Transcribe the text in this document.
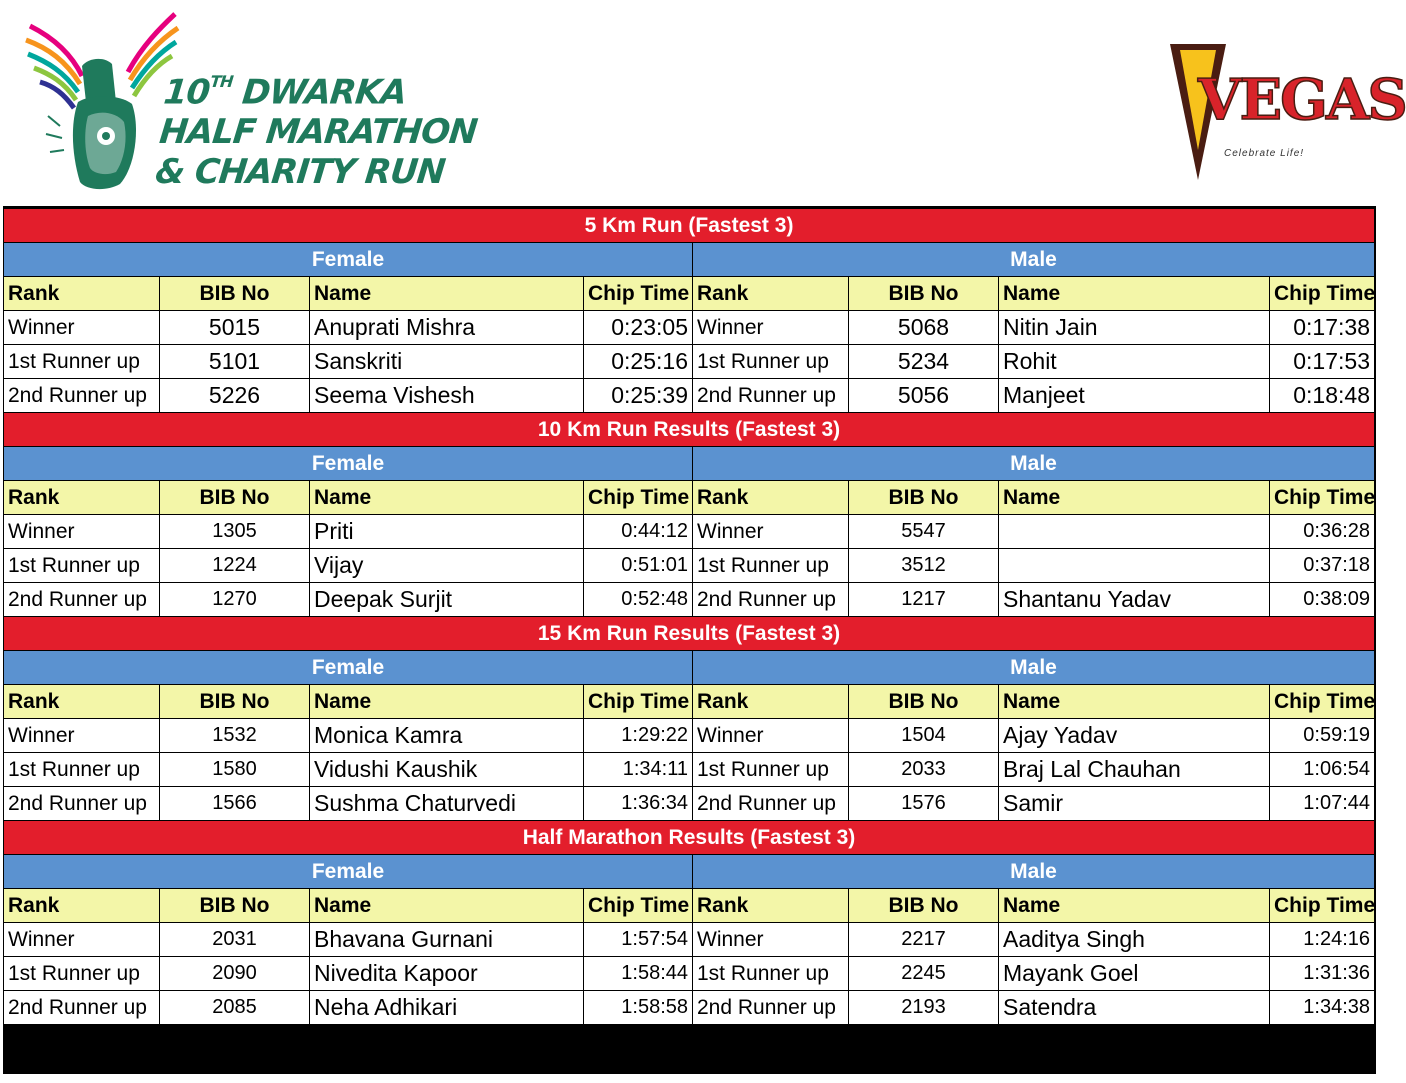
10TH DWARKA
HALF MARATHON
& CHARITY RUN
VEGAS
Celebrate Life!
5 Km Run (Fastest 3)							
Female				Male			
Rank	BIB No	Name	Chip Time	Rank	BIB No	Name	Chip Time
Winner	5015	Anuprati Mishra	0:23:05	Winner	5068	Nitin Jain	0:17:38
1st Runner up	5101	Sanskriti	0:25:16	1st Runner up	5234	Rohit	0:17:53
2nd Runner up	5226	Seema Vishesh	0:25:39	2nd Runner up	5056	Manjeet	0:18:48
10 Km Run Results (Fastest 3)							
Female				Male			
Rank	BIB No	Name	Chip Time	Rank	BIB No	Name	Chip Time
Winner	1305	Priti	0:44:12	Winner	5547		0:36:28
1st Runner up	1224	Vijay	0:51:01	1st Runner up	3512		0:37:18
2nd Runner up	1270	Deepak Surjit	0:52:48	2nd Runner up	1217	Shantanu Yadav	0:38:09
15 Km Run Results (Fastest 3)							
Female				Male			
Rank	BIB No	Name	Chip Time	Rank	BIB No	Name	Chip Time
Winner	1532	Monica Kamra	1:29:22	Winner	1504	Ajay Yadav	0:59:19
1st Runner up	1580	Vidushi Kaushik	1:34:11	1st Runner up	2033	Braj Lal Chauhan	1:06:54
2nd Runner up	1566	Sushma Chaturvedi	1:36:34	2nd Runner up	1576	Samir	1:07:44
Half Marathon Results (Fastest 3)							
Female				Male			
Rank	BIB No	Name	Chip Time	Rank	BIB No	Name	Chip Time
Winner	2031	Bhavana Gurnani	1:57:54	Winner	2217	Aaditya Singh	1:24:16
1st Runner up	2090	Nivedita Kapoor	1:58:44	1st Runner up	2245	Mayank Goel	1:31:36
2nd Runner up	2085	Neha Adhikari	1:58:58	2nd Runner up	2193	Satendra	1:34:38
